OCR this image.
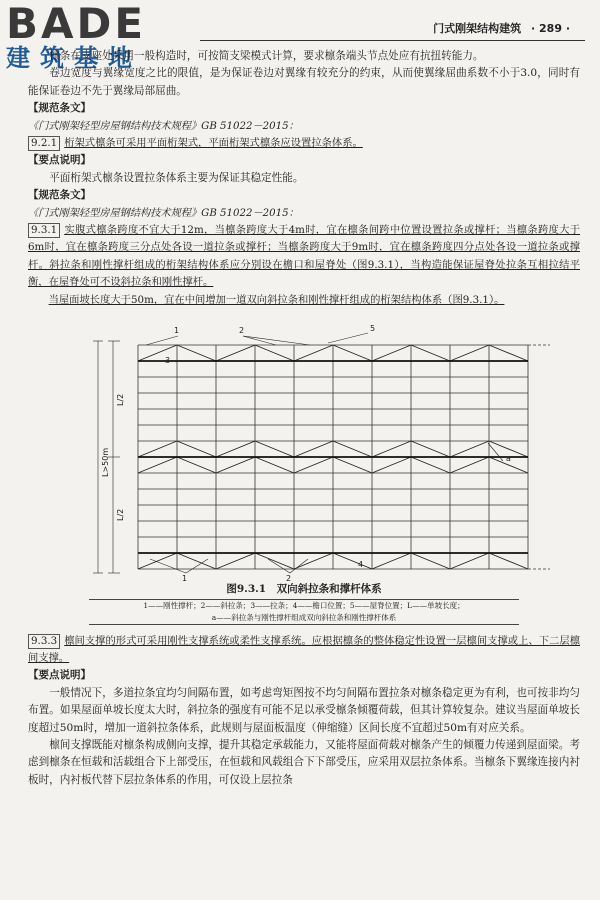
BADE
建筑基地
门式刚架结构建筑 · 289 ·

檩条在支座处采用一般构造时，可按简支梁模式计算，要求檩条端头节点处应有抗扭转能力。

卷边宽度与翼缘宽度之比的限值，是为保证卷边对翼缘有较充分的约束，从而使翼缘屈曲系数不小于3.0，同时有能保证卷边不先于翼缘局部屈曲。

【规范条文】

《门式刚架轻型房屋钢结构技术规程》GB 51022－2015：

9.2.1 桁架式檩条可采用平面桁架式，平面桁架式檩条应设置拉条体系。

【要点说明】

平面桁架式檩条设置拉条体系主要为保证其稳定性能。

【规范条文】

《门式刚架轻型房屋钢结构技术规程》GB 51022－2015：

9.3.1 实腹式檩条跨度不宜大于12m，当檩条跨度大于4m时，宜在檩条间跨中位置设置拉条或撑杆；当檩条跨度大于6m时，宜在檩条跨度三分点处各设一道拉条或撑杆；当檩条跨度大于9m时，宜在檩条跨度四分点处各设一道拉条或撑杆。斜拉条和刚性撑杆组成的桁架结构体系应分别设在檐口和屋脊处（图9.3.1），当构造能保证屋脊处拉条互相拉结平衡，在屋脊处可不设斜拉条和刚性撑杆。

当屋面坡长度大于50m，宜在中间增加一道双向斜拉条和刚性撑杆组成的桁架结构体系（图9.3.1）。

1	2	5
3
a
1	2
4
L/2
L/2
L>50m

图9.3.1　双向斜拉条和撑杆体系

1——刚性撑杆；2——斜拉条；3——拉条；4——檐口位置；5——屋脊位置；L——单坡长度；

a——斜拉条与刚性撑杆组成双向斜拉条和刚性撑杆体系

9.3.3 檩间支撑的形式可采用刚性支撑系统或柔性支撑系统。应根据檩条的整体稳定性设置一层檩间支撑或上、下二层檩间支撑。

【要点说明】

一般情况下，多道拉条宜均匀间隔布置，如考虑弯矩图按不均匀间隔布置拉条对檩条稳定更为有利，也可按非均匀布置。如果屋面单坡长度太大时，斜拉条的强度有可能不足以承受檩条倾覆荷载，但其计算较复杂。建议当屋面单坡长度超过50m时，增加一道斜拉条体系，此规则与屋面板温度（伸缩缝）区间长度不宜超过50m有对应关系。

檩间支撑既能对檩条构成侧向支撑，提升其稳定承载能力，又能将屋面荷载对檩条产生的倾覆力传递到屋面梁。考虑到檩条在恒载和活载组合下上部受压，在恒载和风载组合下下部受压，应采用双层拉条体系。当檩条下翼缘连接内衬板时，内衬板代替下层拉条体系的作用，可仅设上层拉条
